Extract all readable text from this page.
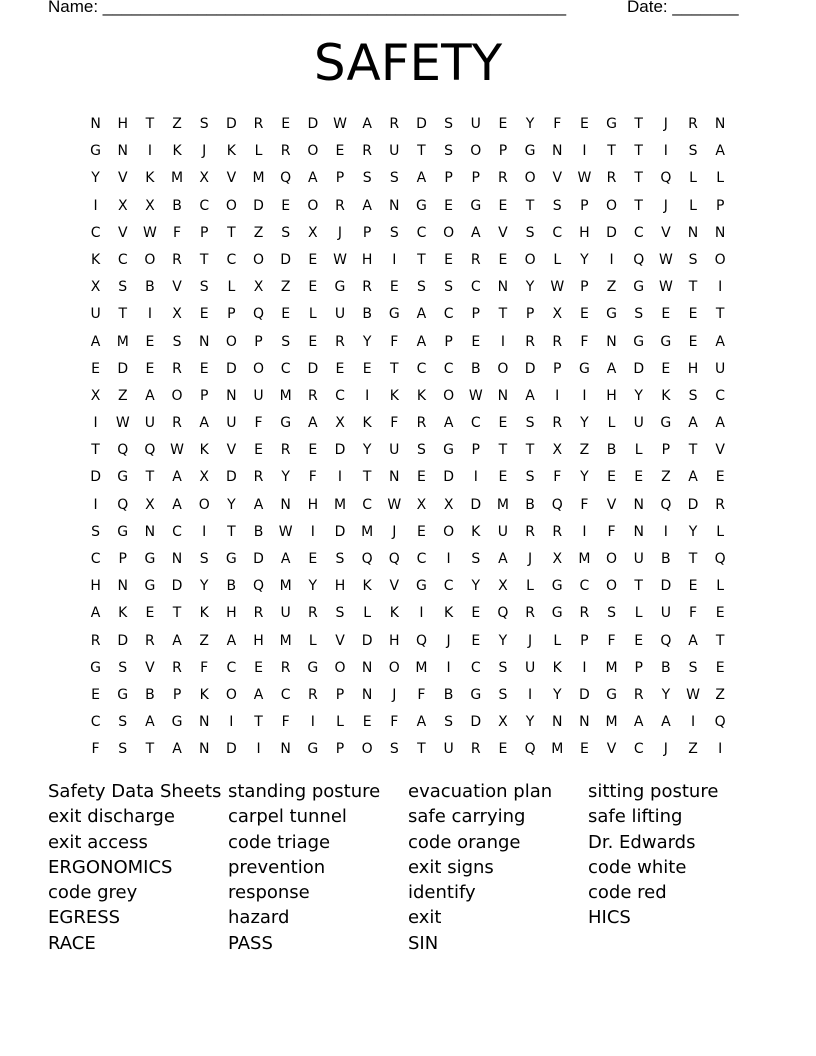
Name: _________________________________________________	Date: _______
SAFETY
N	H	T	Z	S	D	R	E	D	W	A	R	D	S	U	E	Y	F	E	G	T	J	R	N
G	N	I	K	J	K	L	R	O	E	R	U	T	S	O	P	G	N	I	T	T	I	S	A
Y	V	K	M	X	V	M	Q	A	P	S	S	A	P	P	R	O	V	W	R	T	Q	L	L
I	X	X	B	C	O	D	E	O	R	A	N	G	E	G	E	T	S	P	O	T	J	L	P
C	V	W	F	P	T	Z	S	X	J	P	S	C	O	A	V	S	C	H	D	C	V	N	N
K	C	O	R	T	C	O	D	E	W	H	I	T	E	R	E	O	L	Y	I	Q	W	S	O
X	S	B	V	S	L	X	Z	E	G	R	E	S	S	C	N	Y	W	P	Z	G	W	T	I
U	T	I	X	E	P	Q	E	L	U	B	G	A	C	P	T	P	X	E	G	S	E	E	T
A	M	E	S	N	O	P	S	E	R	Y	F	A	P	E	I	R	R	F	N	G	G	E	A
E	D	E	R	E	D	O	C	D	E	E	T	C	C	B	O	D	P	G	A	D	E	H	U
X	Z	A	O	P	N	U	M	R	C	I	K	K	O	W	N	A	I	I	H	Y	K	S	C
I	W	U	R	A	U	F	G	A	X	K	F	R	A	C	E	S	R	Y	L	U	G	A	A
T	Q	Q	W	K	V	E	R	E	D	Y	U	S	G	P	T	T	X	Z	B	L	P	T	V
D	G	T	A	X	D	R	Y	F	I	T	N	E	D	I	E	S	F	Y	E	E	Z	A	E
I	Q	X	A	O	Y	A	N	H	M	C	W	X	X	D	M	B	Q	F	V	N	Q	D	R
S	G	N	C	I	T	B	W	I	D	M	J	E	O	K	U	R	R	I	F	N	I	Y	L
C	P	G	N	S	G	D	A	E	S	Q	Q	C	I	S	A	J	X	M	O	U	B	T	Q
H	N	G	D	Y	B	Q	M	Y	H	K	V	G	C	Y	X	L	G	C	O	T	D	E	L
A	K	E	T	K	H	R	U	R	S	L	K	I	K	E	Q	R	G	R	S	L	U	F	E
R	D	R	A	Z	A	H	M	L	V	D	H	Q	J	E	Y	J	L	P	F	E	Q	A	T
G	S	V	R	F	C	E	R	G	O	N	O	M	I	C	S	U	K	I	M	P	B	S	E
E	G	B	P	K	O	A	C	R	P	N	J	F	B	G	S	I	Y	D	G	R	Y	W	Z
C	S	A	G	N	I	T	F	I	L	E	F	A	S	D	X	Y	N	N	M	A	A	I	Q
F	S	T	A	N	D	I	N	G	P	O	S	T	U	R	E	Q	M	E	V	C	J	Z	I
Safety Data Sheets
exit discharge
exit access
ERGONOMICS
code grey
EGRESS
RACE
standing posture
carpel tunnel
code triage
prevention
response
hazard
PASS
evacuation plan
safe carrying
code orange
exit signs
identify
exit
SIN
sitting posture
safe lifting
Dr. Edwards
code white
code red
HICS
